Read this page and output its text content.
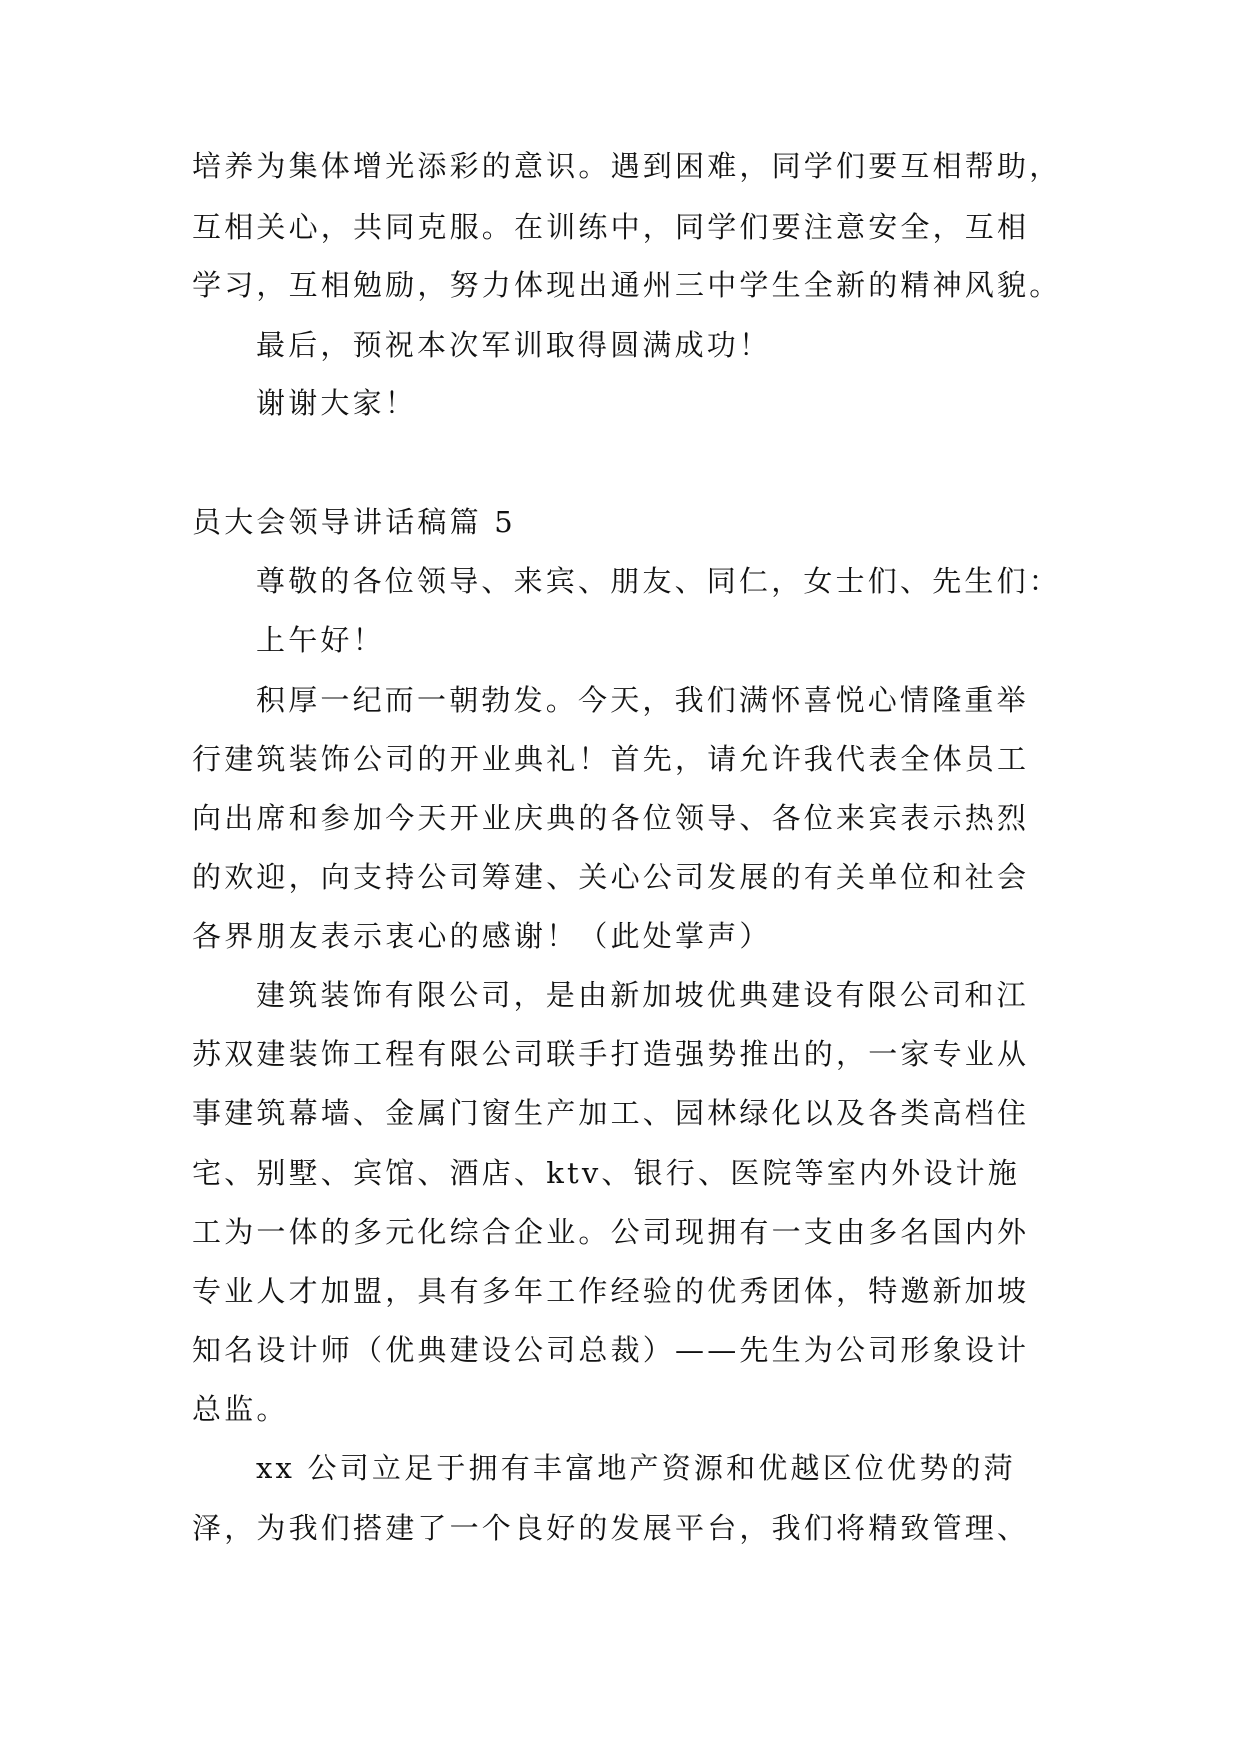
培养为集体增光添彩的意识。遇到困难，同学们要互相帮助，
互相关心，共同克服。在训练中，同学们要注意安全，互相
学习，互相勉励，努力体现出通州三中学生全新的精神风貌。
最后，预祝本次军训取得圆满成功！
谢谢大家！
员大会领导讲话稿篇 5
尊敬的各位领导、来宾、朋友、同仁，女士们、先生们：
上午好！
积厚一纪而一朝勃发。今天，我们满怀喜悦心情隆重举
行建筑装饰公司的开业典礼！首先，请允许我代表全体员工
向出席和参加今天开业庆典的各位领导、各位来宾表示热烈
的欢迎，向支持公司筹建、关心公司发展的有关单位和社会
各界朋友表示衷心的感谢！（此处掌声）
建筑装饰有限公司，是由新加坡优典建设有限公司和江
苏双建装饰工程有限公司联手打造强势推出的，一家专业从
事建筑幕墙、金属门窗生产加工、园林绿化以及各类高档住
宅、别墅、宾馆、酒店、ktv、银行、医院等室内外设计施
工为一体的多元化综合企业。公司现拥有一支由多名国内外
专业人才加盟，具有多年工作经验的优秀团体，特邀新加坡
知名设计师（优典建设公司总裁）——先生为公司形象设计
总监。
xx 公司立足于拥有丰富地产资源和优越区位优势的菏
泽，为我们搭建了一个良好的发展平台，我们将精致管理、
